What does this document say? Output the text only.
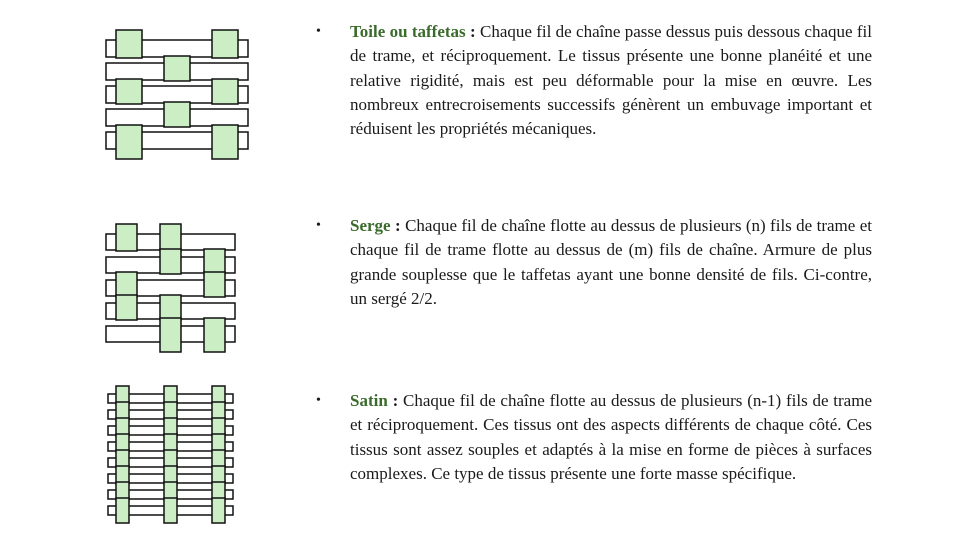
• Toile ou taffetas : Chaque fil de chaîne passe dessus puis dessous chaque fil de trame, et réciproquement. Le tissus présente une bonne planéité et une relative rigidité, mais est peu déformable pour la mise en œuvre. Les nombreux entrecroisements successifs génèrent un embuvage important et réduisent les propriétés mécaniques.
• Serge : Chaque fil de chaîne flotte au dessus de plusieurs (n) fils de trame et chaque fil de trame flotte au dessus de (m) fils de chaîne. Armure de plus grande souplesse que le taffetas ayant une bonne densité de fils. Ci-contre, un sergé 2/2.
• Satin : Chaque fil de chaîne flotte au dessus de plusieurs (n-1) fils de trame et réciproquement. Ces tissus ont des aspects différents de chaque côté. Ces tissus sont assez souples et adaptés à la mise en forme de pièces à surfaces complexes. Ce type de tissus présente une forte masse spécifique.
